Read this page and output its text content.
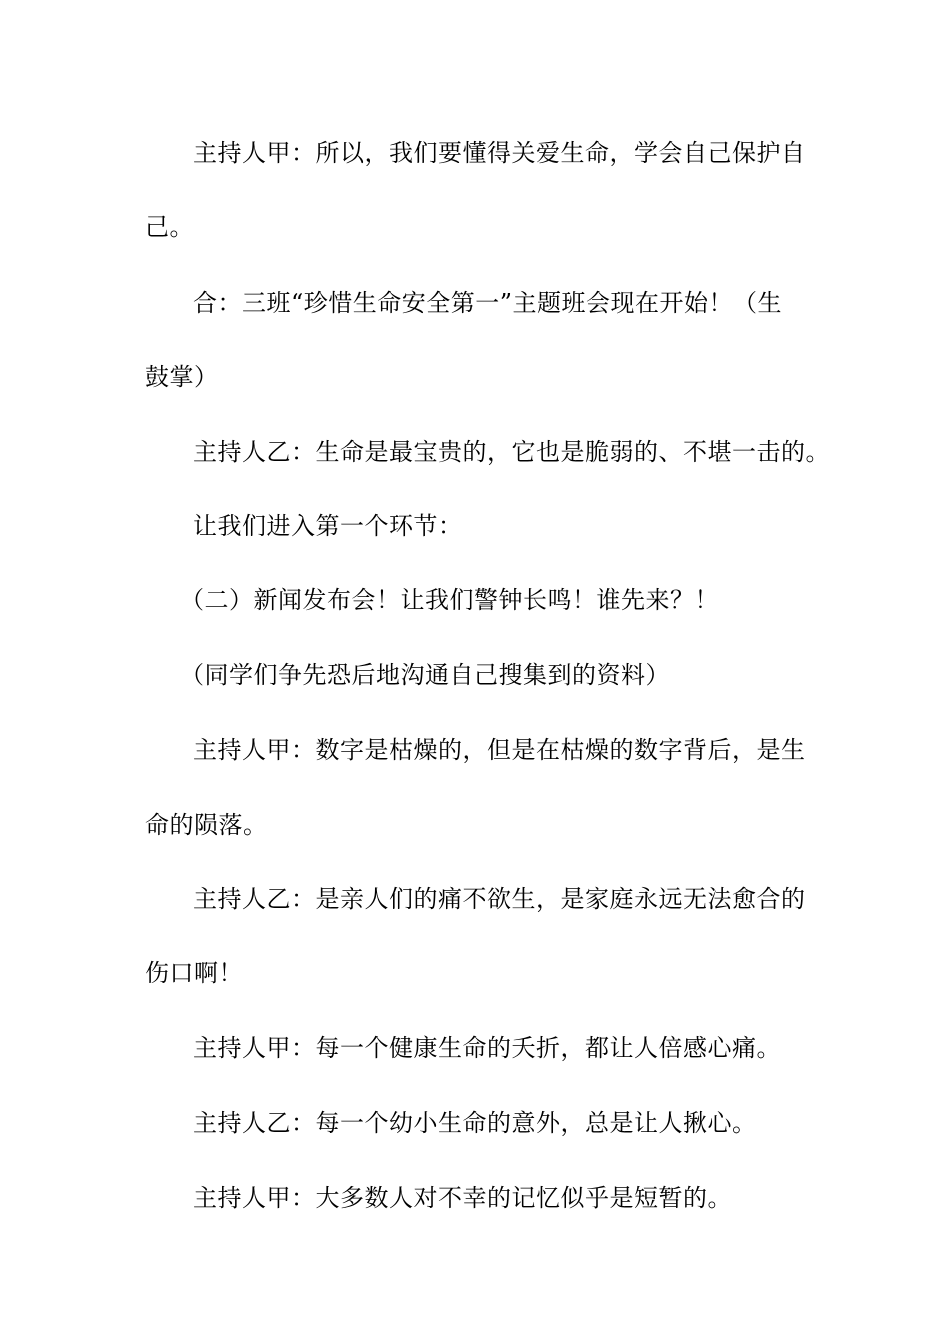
主持人甲：所以，我们要懂得关爱生命，学会自己保护自
己。
合：三班“珍惜生命安全第一”主题班会现在开始！（生
鼓掌）
主持人乙：生命是最宝贵的，它也是脆弱的、不堪一击的。
让我们进入第一个环节：
（二）新闻发布会！让我们警钟长鸣！谁先来？！
（同学们争先恐后地沟通自己搜集到的资料）
主持人甲：数字是枯燥的，但是在枯燥的数字背后，是生
命的陨落。
主持人乙：是亲人们的痛不欲生，是家庭永远无法愈合的
伤口啊！
主持人甲：每一个健康生命的夭折，都让人倍感心痛。
主持人乙：每一个幼小生命的意外，总是让人揪心。
主持人甲：大多数人对不幸的记忆似乎是短暂的。
